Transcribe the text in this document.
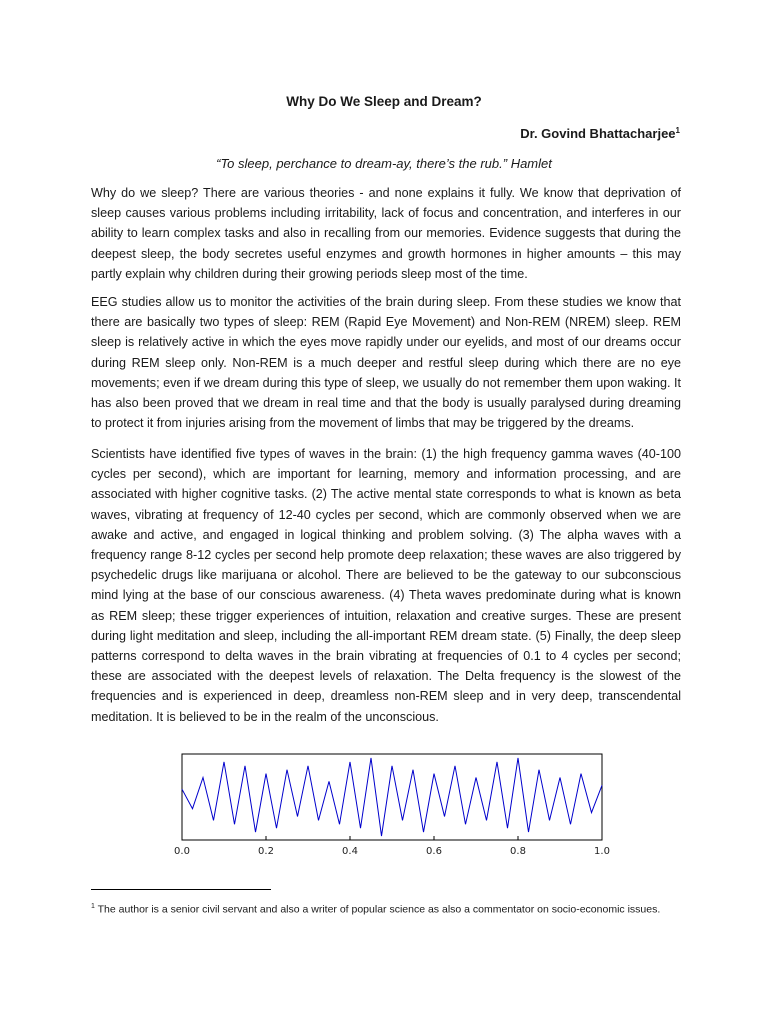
Why Do We Sleep and Dream?
Dr. Govind Bhattacharjee$^1$
“To sleep, perchance to dream-ay, there’s the rub.” Hamlet

Why do we sleep? There are various theories - and none explains it fully. We know that deprivation of sleep causes various problems including irritability, lack of focus and concentration, and interferes in our ability to learn complex tasks and also in recalling from our memories. Evidence suggests that during the deepest sleep, the body secretes useful enzymes and growth hormones in higher amounts – this may partly explain why children during their growing periods sleep most of the time.

EEG studies allow us to monitor the activities of the brain during sleep. From these studies we know that there are basically two types of sleep: REM (Rapid Eye Movement) and Non-REM (NREM) sleep. REM sleep is relatively active in which the eyes move rapidly under our eyelids, and most of our dreams occur during REM sleep only. Non-REM is a much deeper and restful sleep during which there are no eye movements; even if we dream during this type of sleep, we usually do not remember them upon waking. It has also been proved that we dream in real time and that the body is usually paralysed during dreaming to protect it from injuries arising from the movement of limbs that may be triggered by the dreams.

Scientists have identified five types of waves in the brain: (1) the high frequency gamma waves (40-100 cycles per second), which are important for learning, memory and information processing, and are associated with higher cognitive tasks. (2) The active mental state corresponds to what is known as beta waves, vibrating at frequency of 12-40 cycles per second, which are commonly observed when we are awake and active, and engaged in logical thinking and problem solving. (3) The alpha waves with a frequency range 8-12 cycles per second help promote deep relaxation; these waves are also triggered by psychedelic drugs like marijuana or alcohol. There are believed to be the gateway to our subconscious mind lying at the base of our conscious awareness. (4) Theta waves predominate during what is known as REM sleep; these trigger experiences of intuition, relaxation and creative surges. These are present during light meditation and sleep, including the all-important REM dream state. (5) Finally, the deep sleep patterns correspond to delta waves in the brain vibrating at frequencies of 0.1 to 4 cycles per second; these are associated with the deepest levels of relaxation. The Delta frequency is the slowest of the frequencies and is experienced in deep, dreamless non-REM sleep and in very deep, transcendental meditation. It is believed to be in the realm of the unconscious.

0.0	0.2	0.4	0.6	0.8	1.0

$^1$ The author is a senior civil servant and also a writer of popular science as also a commentator on socio-economic issues.
